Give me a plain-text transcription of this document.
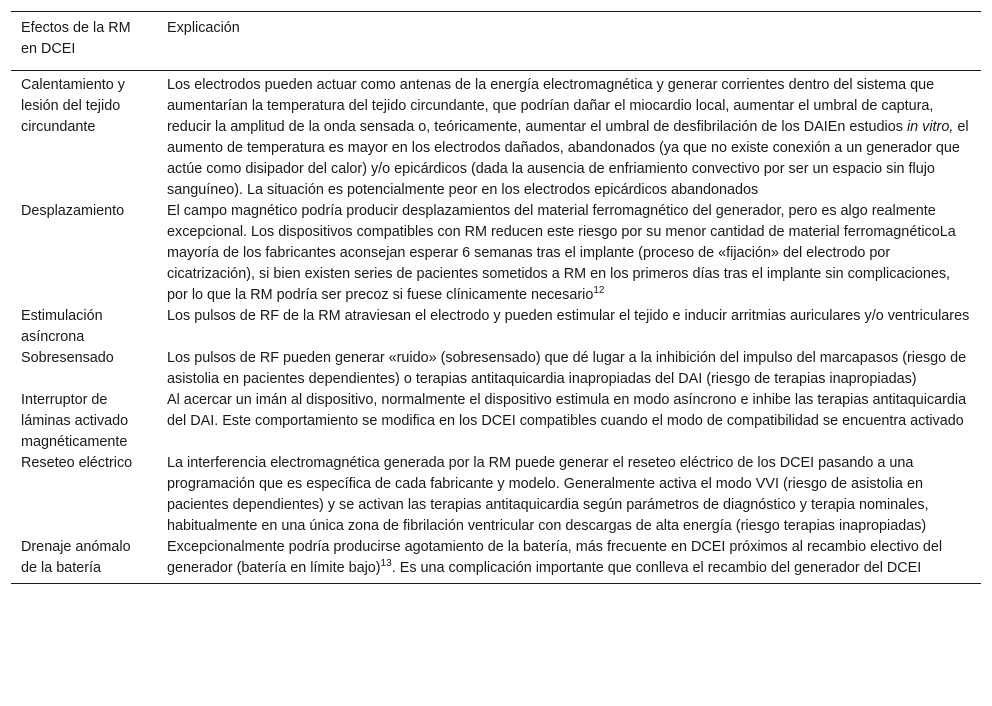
Efectos de la RM en DCEI	Explicación
Calentamiento y lesión del tejido circundante	Los electrodos pueden actuar como antenas de la energía electromagnética y generar corrientes dentro del sistema que aumentarían la temperatura del tejido circundante, que podrían dañar el miocardio local, aumentar el umbral de captura, reducir la amplitud de la onda sensada o, teóricamente, aumentar el umbral de desfibrilación de los DAIEn estudios in vitro, el aumento de temperatura es mayor en los electrodos dañados, abandonados (ya que no existe conexión a un generador que actúe como disipador del calor) y/o epicárdicos (dada la ausencia de enfriamiento convectivo por ser un espacio sin flujo sanguíneo). La situación es potencialmente peor en los electrodos epicárdicos abandonados
Desplazamiento	El campo magnético podría producir desplazamientos del material ferromagnético del generador, pero es algo realmente excepcional. Los dispositivos compatibles con RM reducen este riesgo por su menor cantidad de material ferromagnéticoLa mayoría de los fabricantes aconsejan esperar 6 semanas tras el implante (proceso de «fijación» del electrodo por cicatrización), si bien existen series de pacientes sometidos a RM en los primeros días tras el implante sin complicaciones, por lo que la RM podría ser precoz si fuese clínicamente necesario$^{12}$
Estimulación asíncrona	Los pulsos de RF de la RM atraviesan el electrodo y pueden estimular el tejido e inducir arritmias auriculares y/o ventriculares
Sobresensado	Los pulsos de RF pueden generar «ruido» (sobresensado) que dé lugar a la inhibición del impulso del marcapasos (riesgo de asistolia en pacientes dependientes) o terapias antitaquicardia inapropiadas del DAI (riesgo de terapias inapropiadas)
Interruptor de láminas activado magnéticamente	Al acercar un imán al dispositivo, normalmente el dispositivo estimula en modo asíncrono e inhibe las terapias antitaquicardia del DAI. Este comportamiento se modifica en los DCEI compatibles cuando el modo de compatibilidad se encuentra activado
Reseteo eléctrico	La interferencia electromagnética generada por la RM puede generar el reseteo eléctrico de los DCEI pasando a una programación que es específica de cada fabricante y modelo. Generalmente activa el modo VVI (riesgo de asistolia en pacientes dependientes) y se activan las terapias antitaquicardia según parámetros de diagnóstico y terapia nominales, habitualmente en una única zona de fibrilación ventricular con descargas de alta energía (riesgo terapias inapropiadas)
Drenaje anómalo de la batería	Excepcionalmente podría producirse agotamiento de la batería, más frecuente en DCEI próximos al recambio electivo del generador (batería en límite bajo)$^{13}$. Es una complicación importante que conlleva el recambio del generador del DCEI
